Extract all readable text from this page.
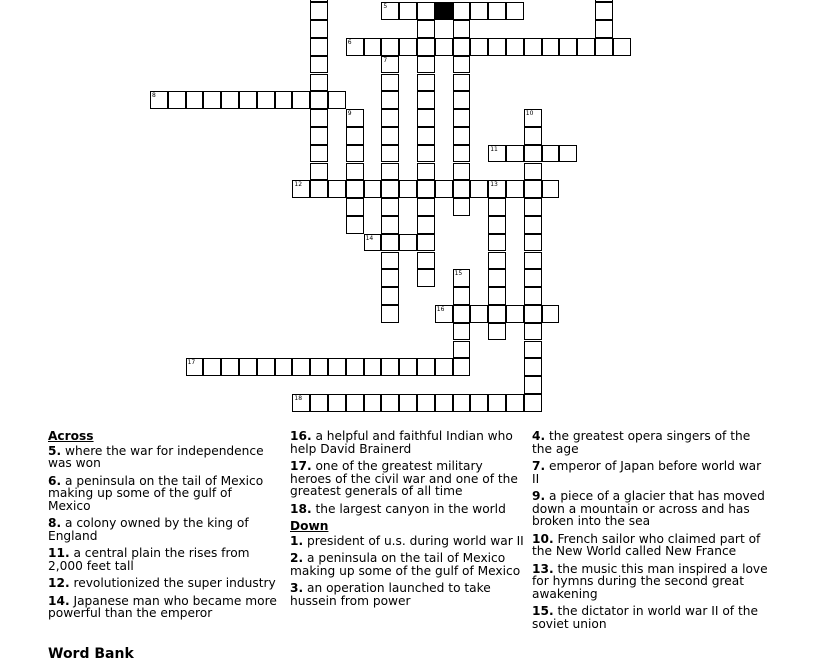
5
6
8
11
12	13
14
16
17
18
7
9	10
15
Across
5. where the war for independence was won
6. a peninsula on the tail of Mexico making up some of the gulf of Mexico
8. a colony owned by the king of England
11. a central plain the rises from 2,000 feet tall
12. revolutionized the super industry
14. Japanese man who became more powerful than the emperor
16. a helpful and faithful Indian who help David Brainerd
17. one of the greatest military heroes of the civil war and one of the greatest generals of all time
18. the largest canyon in the world
Down
1. president of u.s. during world war II
2. a peninsula on the tail of Mexico making up some of the gulf of Mexico
3. an operation launched to take hussein from power
4. the greatest opera singers of the the age
7. emperor of Japan before world war II
9. a piece of a glacier that has moved down a mountain or across and has broken into the sea
10. French sailor who claimed part of the New World called New France
13. the music this man inspired a love for hymns during the second great awakening
15. the dictator in world war II of the soviet union
Word Bank
